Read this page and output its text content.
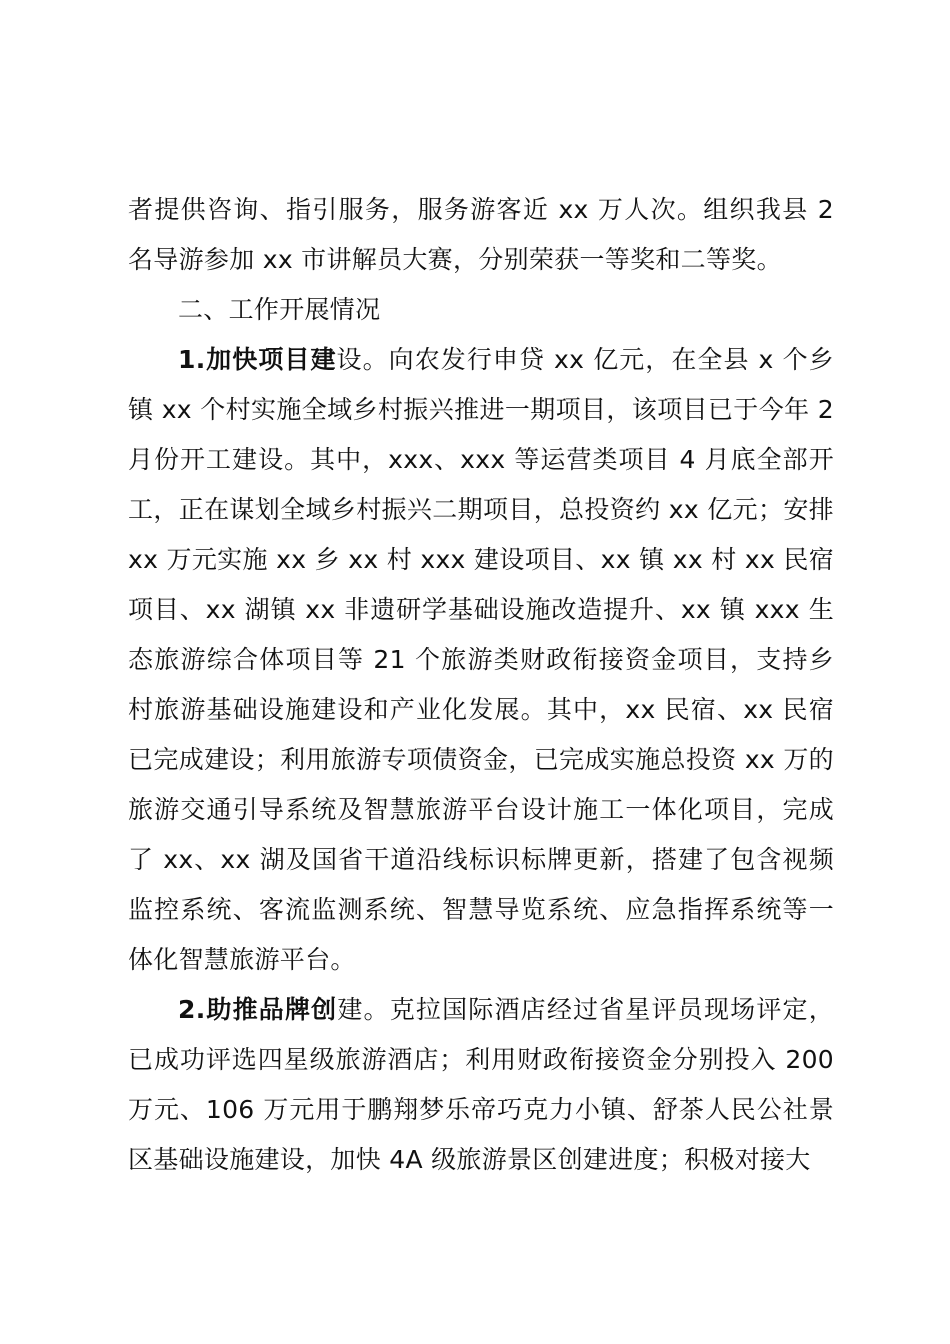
者提供咨询、指引服务，服务游客近 xx 万人次。组织我县 2 名导游参加 xx 市讲解员大赛，分别荣获一等奖和二等奖。

二、工作开展情况

1.加快项目建设。向农发行申贷 xx 亿元，在全县 x 个乡镇 xx 个村实施全域乡村振兴推进一期项目，该项目已于今年 2 月份开工建设。其中，xxx、xxx 等运营类项目 4 月底全部开工，正在谋划全域乡村振兴二期项目，总投资约 xx 亿元；安排 xx 万元实施 xx 乡 xx 村 xxx 建设项目、xx 镇 xx 村 xx 民宿项目、xx 湖镇 xx 非遗研学基础设施改造提升、xx 镇 xxx 生态旅游综合体项目等 21 个旅游类财政衔接资金项目，支持乡村旅游基础设施建设和产业化发展。其中，xx 民宿、xx 民宿已完成建设；利用旅游专项债资金，已完成实施总投资 xx 万的旅游交通引导系统及智慧旅游平台设计施工一体化项目，完成了 xx、xx 湖及国省干道沿线标识标牌更新，搭建了包含视频监控系统、客流监测系统、智慧导览系统、应急指挥系统等一体化智慧旅游平台。

2.助推品牌创建。克拉国际酒店经过省星评员现场评定，已成功评选四星级旅游酒店；利用财政衔接资金分别投入 200 万元、106 万元用于鹏翔梦乐帝巧克力小镇、舒茶人民公社景区基础设施建设，加快 4A 级旅游景区创建进度；积极对接大
